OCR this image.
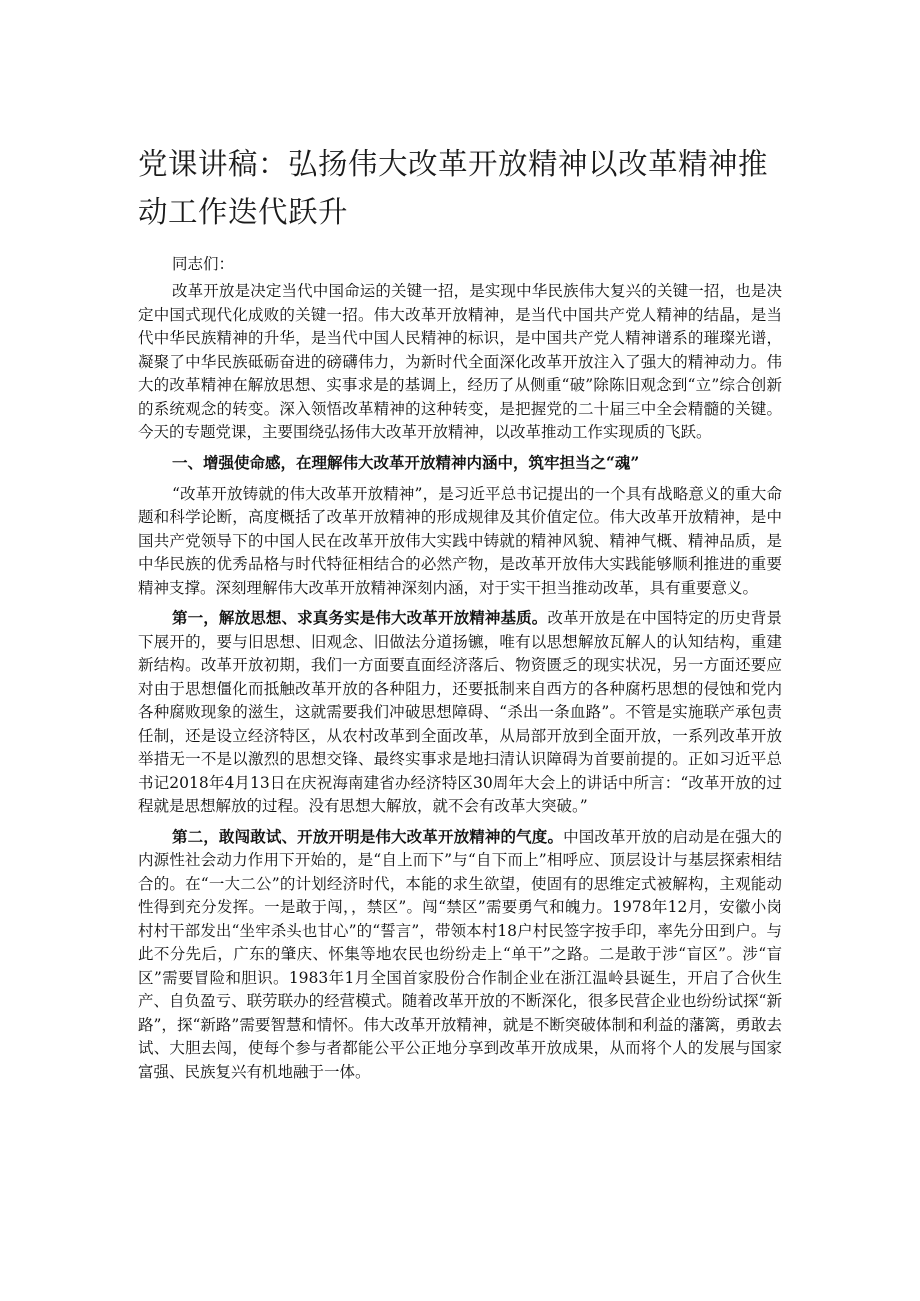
党课讲稿：弘扬伟大改革开放精神以改革精神推动工作迭代跃升

同志们：

改革开放是决定当代中国命运的关键一招，是实现中华民族伟大复兴的关键一招，也是决定中国式现代化成败的关键一招。伟大改革开放精神，是当代中国共产党人精神的结晶，是当代中华民族精神的升华，是当代中国人民精神的标识，是中国共产党人精神谱系的璀璨光谱，凝聚了中华民族砥砺奋进的磅礴伟力，为新时代全面深化改革开放注入了强大的精神动力。伟大的改革精神在解放思想、实事求是的基调上，经历了从侧重“破”除陈旧观念到“立”综合创新的系统观念的转变。深入领悟改革精神的这种转变，是把握党的二十届三中全会精髓的关键。今天的专题党课，主要围绕弘扬伟大改革开放精神，以改革推动工作实现质的飞跃。

一、增强使命感，在理解伟大改革开放精神内涵中，筑牢担当之“魂”

“改革开放铸就的伟大改革开放精神”，是习近平总书记提出的一个具有战略意义的重大命题和科学论断，高度概括了改革开放精神的形成规律及其价值定位。伟大改革开放精神，是中国共产党领导下的中国人民在改革开放伟大实践中铸就的精神风貌、精神气概、精神品质，是中华民族的优秀品格与时代特征相结合的必然产物，是改革开放伟大实践能够顺利推进的重要精神支撑。深刻理解伟大改革开放精神深刻内涵，对于实干担当推动改革，具有重要意义。

第一，解放思想、求真务实是伟大改革开放精神基质。改革开放是在中国特定的历史背景下展开的，要与旧思想、旧观念、旧做法分道扬镳，唯有以思想解放瓦解人的认知结构，重建新结构。改革开放初期，我们一方面要直面经济落后、物资匮乏的现实状况，另一方面还要应对由于思想僵化而抵触改革开放的各种阻力，还要抵制来自西方的各种腐朽思想的侵蚀和党内各种腐败现象的滋生，这就需要我们冲破思想障碍、“杀出一条血路”。不管是实施联产承包责任制，还是设立经济特区，从农村改革到全面改革，从局部开放到全面开放，一系列改革开放举措无一不是以激烈的思想交锋、最终实事求是地扫清认识障碍为首要前提的。正如习近平总书记2018年4月13日在庆祝海南建省办经济特区30周年大会上的讲话中所言：“改革开放的过程就是思想解放的过程。没有思想大解放，就不会有改革大突破。”

第二，敢闯敢试、开放开明是伟大改革开放精神的气度。中国改革开放的启动是在强大的内源性社会动力作用下开始的，是“自上而下”与“自下而上”相呼应、顶层设计与基层探索相结合的。在“一大二公”的计划经济时代，本能的求生欲望，使固有的思维定式被解构，主观能动性得到充分发挥。一是敢于闯，，禁区”。闯“禁区”需要勇气和魄力。1978年12月，安徽小岗村村干部发出“坐牢杀头也甘心”的“誓言”，带领本村18户村民签字按手印，率先分田到户。与此不分先后，广东的肇庆、怀集等地农民也纷纷走上“单干”之路。二是敢于涉“盲区”。涉“盲区”需要冒险和胆识。1983年1月全国首家股份合作制企业在浙江温岭县诞生，开启了合伙生产、自负盈亏、联劳联办的经营模式。随着改革开放的不断深化，很多民营企业也纷纷试探“新路”，探“新路”需要智慧和情怀。伟大改革开放精神，就是不断突破体制和利益的藩篱，勇敢去试、大胆去闯，使每个参与者都能公平公正地分享到改革开放成果，从而将个人的发展与国家富强、民族复兴有机地融于一体。
